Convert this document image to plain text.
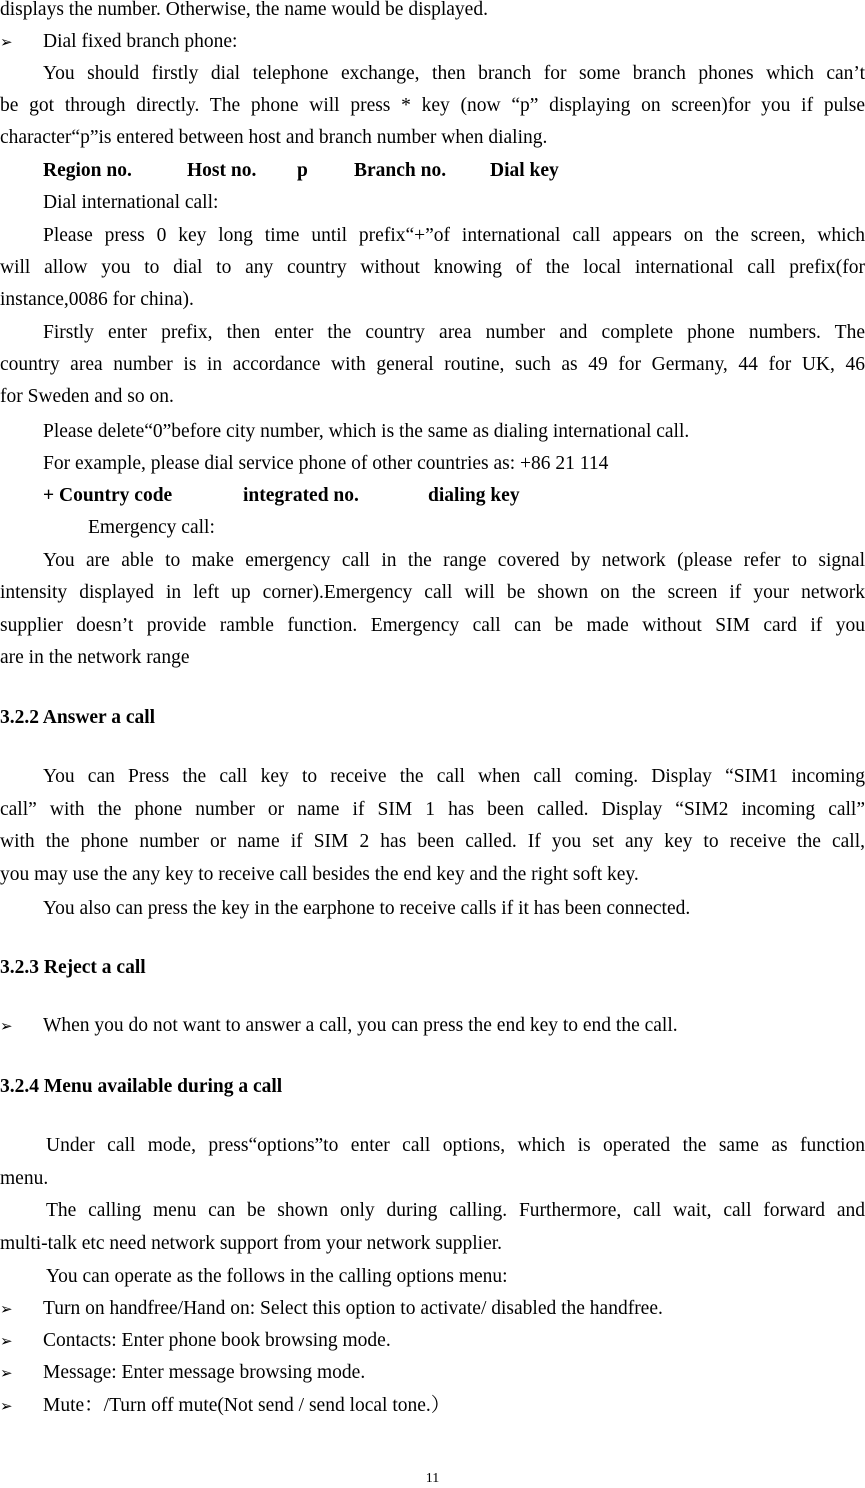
displays the number. Otherwise, the name would be displayed.
➢ Dial fixed branch phone:
You should firstly dial telephone exchange, then branch for some branch phones which can’t
be got through directly. The phone will press * key (now “p” displaying on screen)for you if pulse
character“p”is entered between host and branch number when dialing.
Region no.	Host no. p Branch no. Dial key
Dial international call:
Please press 0 key long time until prefix“+”of international call appears on the screen, which
will allow you to dial to any country without knowing of the local international call prefix(for
instance,0086 for china).
Firstly enter prefix, then enter the country area number and complete phone numbers. The
country area number is in accordance with general routine, such as 49 for Germany, 44 for UK, 46
for Sweden and so on.
Please delete“0”before city number, which is the same as dialing international call.
For example, please dial service phone of other countries as: +86 21 114
+ Country code	integrated no.	dialing key
Emergency call:
You are able to make emergency call in the range covered by network (please refer to signal
intensity displayed in left up corner).Emergency call will be shown on the screen if your network
supplier doesn’t provide ramble function. Emergency call can be made without SIM card if you
are in the network range
3.2.2 Answer a call
You can Press the call key to receive the call when call coming. Display “SIM1 incoming
call” with the phone number or name if SIM 1 has been called. Display “SIM2 incoming call”
with the phone number or name if SIM 2 has been called. If you set any key to receive the call,
you may use the any key to receive call besides the end key and the right soft key.
You also can press the key in the earphone to receive calls if it has been connected.
3.2.3 Reject a call
➢ When you do not want to answer a call, you can press the end key to end the call.
3.2.4 Menu available during a call
Under call mode, press“options”to enter call options, which is operated the same as function
menu.
The calling menu can be shown only during calling. Furthermore, call wait, call forward and
multi-talk etc need network support from your network supplier.
You can operate as the follows in the calling options menu:
➢ Turn on handfree/Hand on: Select this option to activate/ disabled the handfree.
➢ Contacts: Enter phone book browsing mode.
➢ Message: Enter message browsing mode.
➢ Mute：/Turn off mute(Not send / send local tone.）
11
